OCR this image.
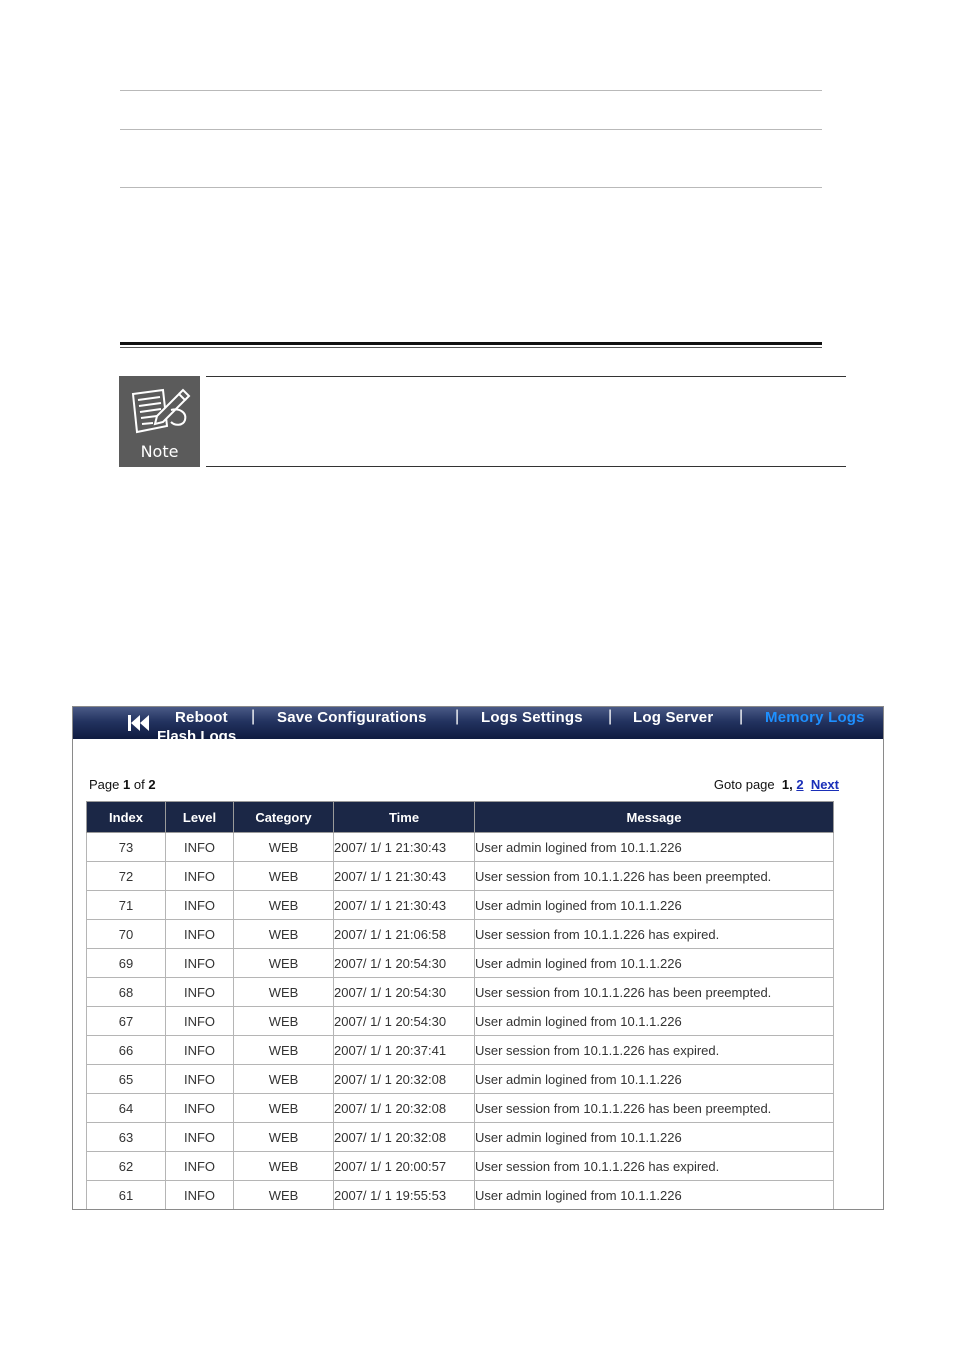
Note
Reboot | Save Configurations | Logs Settings | Log Server | Memory Logs
Flash Logs
Page 1 of 2	Goto page 1, 2 Next
Index	Level	Category	Time	Message
73	INFO	WEB	2007/ 1/ 1 21:30:43	User admin logined from 10.1.1.226
72	INFO	WEB	2007/ 1/ 1 21:30:43	User session from 10.1.1.226 has been preempted.
71	INFO	WEB	2007/ 1/ 1 21:30:43	User admin logined from 10.1.1.226
70	INFO	WEB	2007/ 1/ 1 21:06:58	User session from 10.1.1.226 has expired.
69	INFO	WEB	2007/ 1/ 1 20:54:30	User admin logined from 10.1.1.226
68	INFO	WEB	2007/ 1/ 1 20:54:30	User session from 10.1.1.226 has been preempted.
67	INFO	WEB	2007/ 1/ 1 20:54:30	User admin logined from 10.1.1.226
66	INFO	WEB	2007/ 1/ 1 20:37:41	User session from 10.1.1.226 has expired.
65	INFO	WEB	2007/ 1/ 1 20:32:08	User admin logined from 10.1.1.226
64	INFO	WEB	2007/ 1/ 1 20:32:08	User session from 10.1.1.226 has been preempted.
63	INFO	WEB	2007/ 1/ 1 20:32:08	User admin logined from 10.1.1.226
62	INFO	WEB	2007/ 1/ 1 20:00:57	User session from 10.1.1.226 has expired.
61	INFO	WEB	2007/ 1/ 1 19:55:53	User admin logined from 10.1.1.226
